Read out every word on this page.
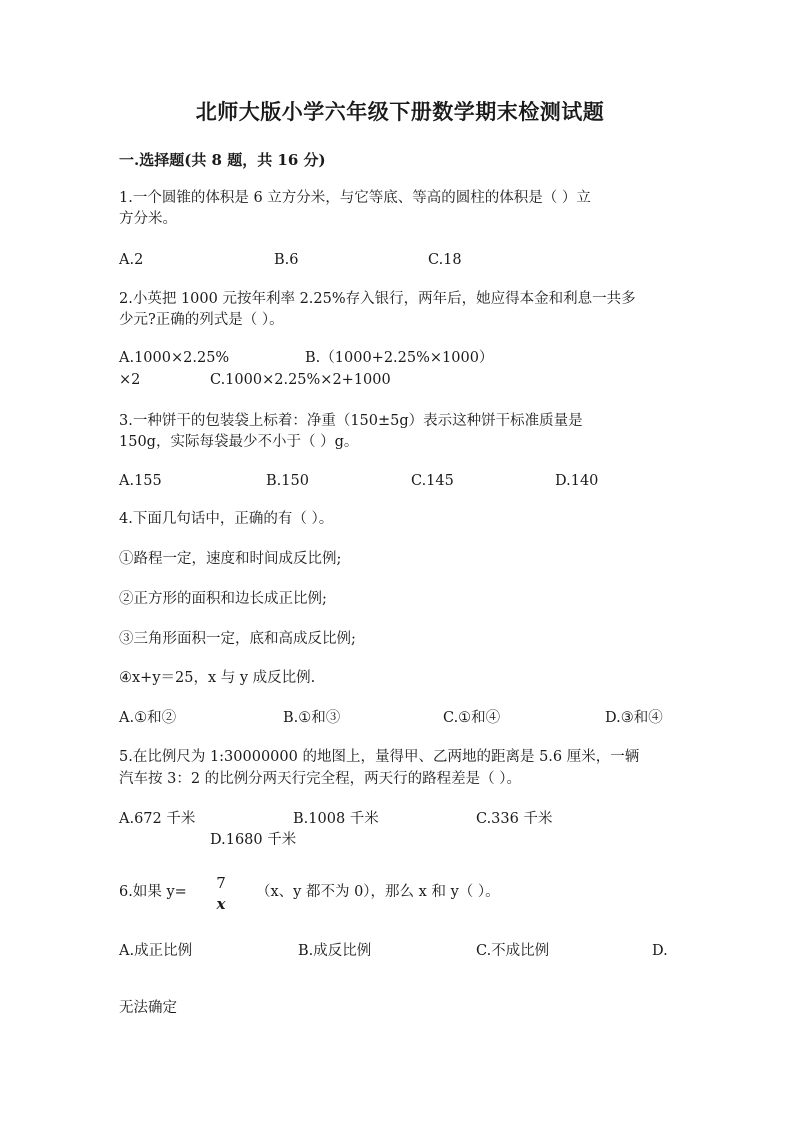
北师大版小学六年级下册数学期末检测试题
一.选择题(共 8 题，共 16 分)
1.一个圆锥的体积是 6 立方分米，与它等底、等高的圆柱的体积是（ ）立
方分米。
A.2	B.6	C.18
2.小英把 1000 元按年利率 2.25%存入银行，两年后，她应得本金和利息一共多
少元?正确的列式是（ ）。
A.1000×2.25%	B.（1000+2.25%×1000）
×2	C.1000×2.25%×2+1000
3.一种饼干的包装袋上标着：净重（150±5g）表示这种饼干标准质量是
150g，实际每袋最少不小于（ ）g。
A.155	B.150	C.145	D.140
4.下面几句话中，正确的有（ ）。
①路程一定，速度和时间成反比例;
②正方形的面积和边长成正比例;
③三角形面积一定，底和高成反比例;
④x+y＝25，x 与 y 成反比例.
A.①和②	B.①和③	C.①和④	D.③和④
5.在比例尺为 1:30000000 的地图上，量得甲、乙两地的距离是 5.6 厘米，一辆
汽车按 3：2 的比例分两天行完全程，两天行的路程差是（ ）。
A.672 千米	B.1008 千米	C.336 千米
D.1680 千米
6.如果 y=	7
x
（x、y 都不为 0），那么 x 和 y（ ）。
A.成正比例	B.成反比例	C.不成比例	D.
无法确定
